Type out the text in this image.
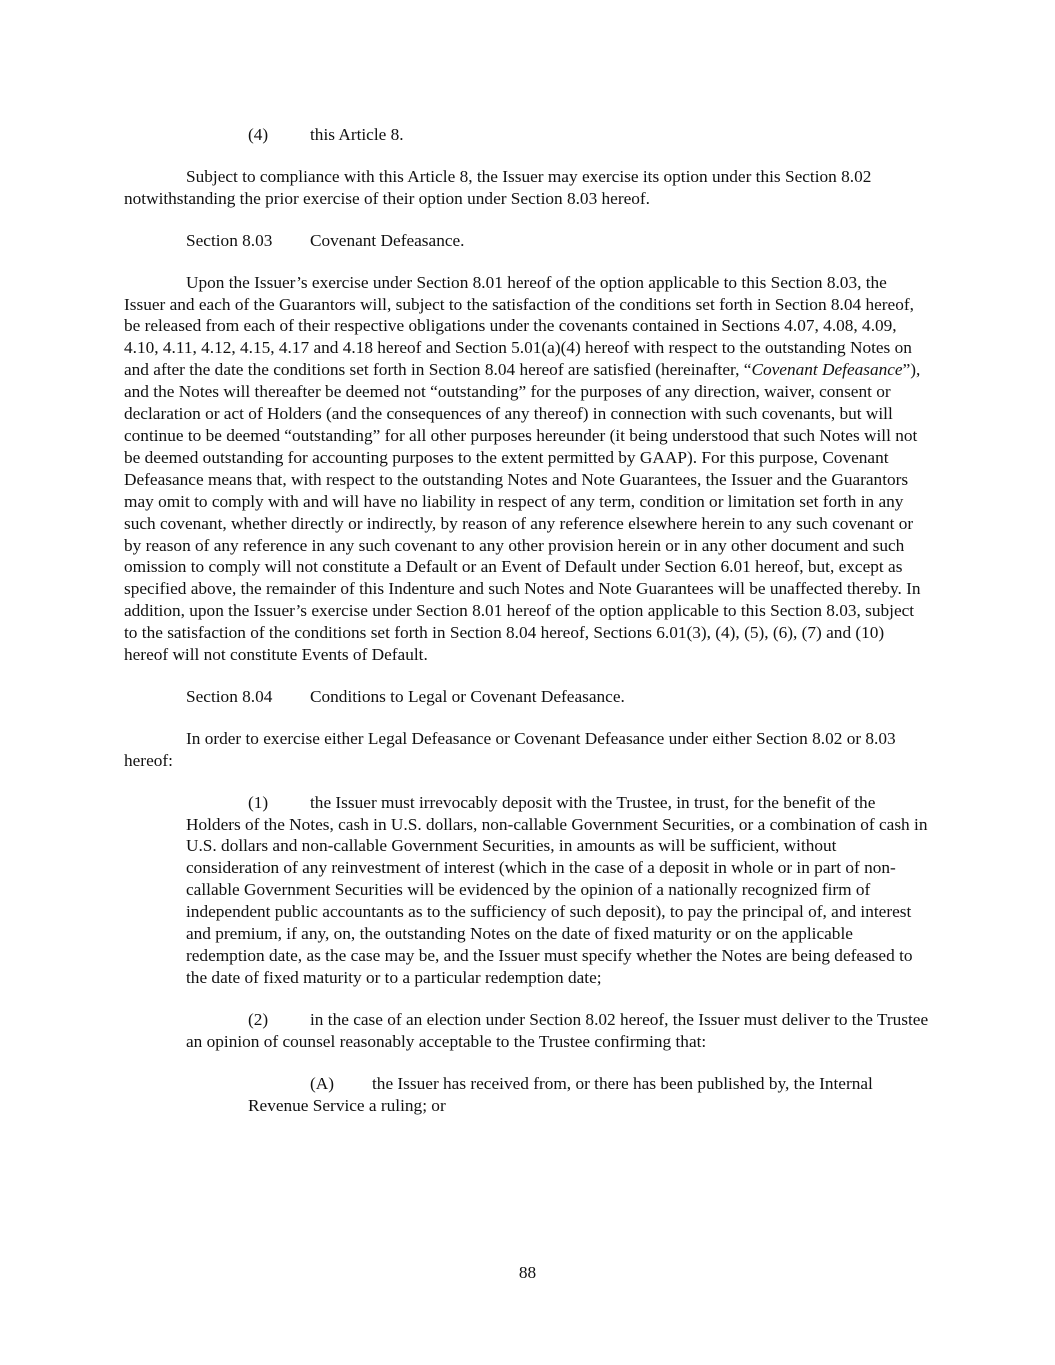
(4) this Article 8.

Subject to compliance with this Article 8, the Issuer may exercise its option under this Section 8.02 notwithstanding the prior exercise of their option under Section 8.03 hereof.

Section 8.03 Covenant Defeasance.

Upon the Issuer’s exercise under Section 8.01 hereof of the option applicable to this Section 8.03, the Issuer and each of the Guarantors will, subject to the satisfaction of the conditions set forth in Section 8.04 hereof, be released from each of their respective obligations under the covenants contained in Sections 4.07, 4.08, 4.09, 4.10, 4.11, 4.12, 4.15, 4.17 and 4.18 hereof and Section 5.01(a)(4) hereof with respect to the outstanding Notes on and after the date the conditions set forth in Section 8.04 hereof are satisfied (hereinafter, “Covenant Defeasance”), and the Notes will thereafter be deemed not “outstanding” for the purposes of any direction, waiver, consent or declaration or act of Holders (and the consequences of any thereof) in connection with such covenants, but will continue to be deemed “outstanding” for all other purposes hereunder (it being understood that such Notes will not be deemed outstanding for accounting purposes to the extent permitted by GAAP). For this purpose, Covenant Defeasance means that, with respect to the outstanding Notes and Note Guarantees, the Issuer and the Guarantors may omit to comply with and will have no liability in respect of any term, condition or limitation set forth in any such covenant, whether directly or indirectly, by reason of any reference elsewhere herein to any such covenant or by reason of any reference in any such covenant to any other provision herein or in any other document and such omission to comply will not constitute a Default or an Event of Default under Section 6.01 hereof, but, except as specified above, the remainder of this Indenture and such Notes and Note Guarantees will be unaffected thereby. In addition, upon the Issuer’s exercise under Section 8.01 hereof of the option applicable to this Section 8.03, subject to the satisfaction of the conditions set forth in Section 8.04 hereof, Sections 6.01(3), (4), (5), (6), (7) and (10) hereof will not constitute Events of Default.

Section 8.04 Conditions to Legal or Covenant Defeasance.

In order to exercise either Legal Defeasance or Covenant Defeasance under either Section 8.02 or 8.03 hereof:

(1) the Issuer must irrevocably deposit with the Trustee, in trust, for the benefit of the Holders of the Notes, cash in U.S. dollars, non-callable Government Securities, or a combination of cash in U.S. dollars and non-callable Government Securities, in amounts as will be sufficient, without consideration of any reinvestment of interest (which in the case of a deposit in whole or in part of non-callable Government Securities will be evidenced by the opinion of a nationally recognized firm of independent public accountants as to the sufficiency of such deposit), to pay the principal of, and interest and premium, if any, on, the outstanding Notes on the date of fixed maturity or on the applicable redemption date, as the case may be, and the Issuer must specify whether the Notes are being defeased to the date of fixed maturity or to a particular redemption date;

(2) in the case of an election under Section 8.02 hereof, the Issuer must deliver to the Trustee an opinion of counsel reasonably acceptable to the Trustee confirming that:

(A) the Issuer has received from, or there has been published by, the Internal Revenue Service a ruling; or

88
